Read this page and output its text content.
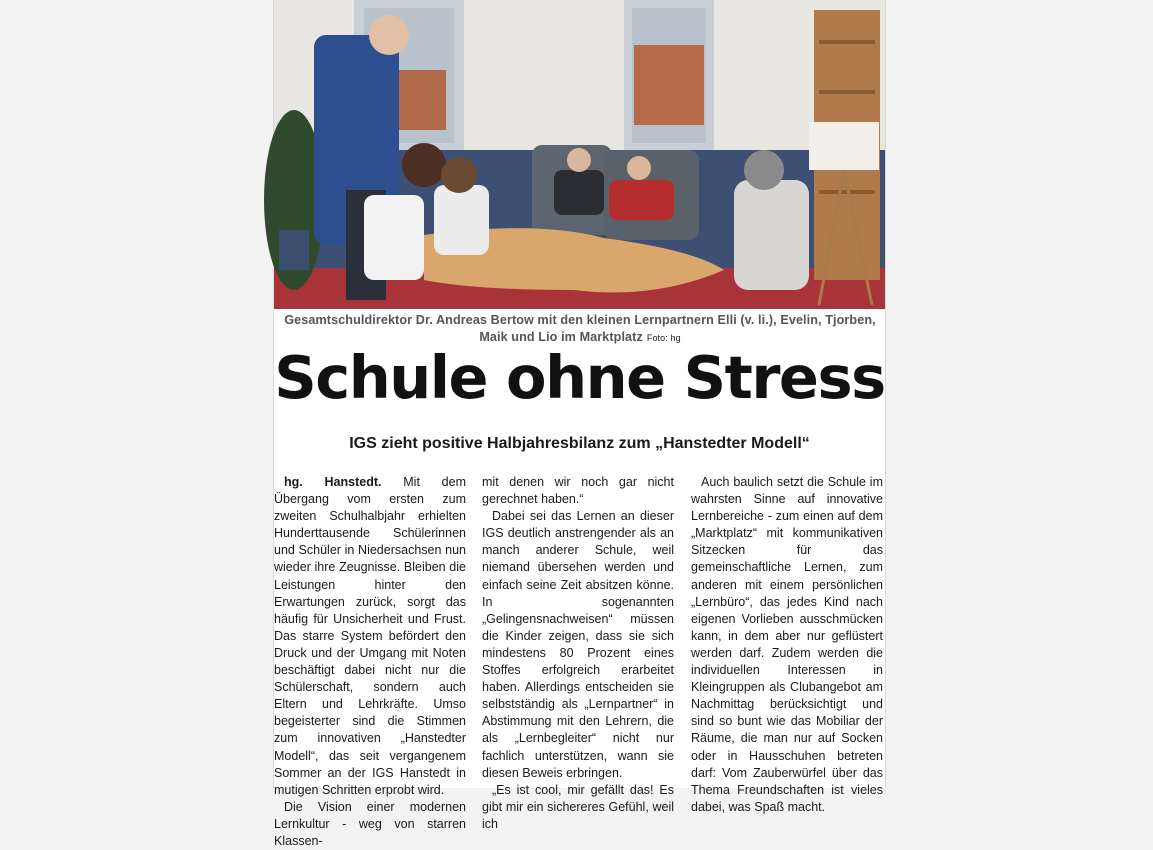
Gesamtschuldirektor Dr. Andreas Bertow mit den kleinen Lernpartnern Elli (v. li.), Evelin, Tjorben, Maik und Lio im Marktplatz Foto: hg
Schule ohne Stress
IGS zieht positive Halbjahresbilanz zum „Hanstedter Modell“

hg. Hanstedt. Mit dem Übergang vom ersten zum zweiten Schulhalbjahr erhielten Hunderttausende Schülerinnen und Schüler in Niedersachsen nun wieder ihre Zeugnisse. Bleiben die Leistungen hinter den Erwartungen zurück, sorgt das häufig für Unsicherheit und Frust. Das starre System befördert den Druck und der Umgang mit Noten beschäftigt dabei nicht nur die Schülerschaft, sondern auch Eltern und Lehrkräfte. Umso begeisterter sind die Stimmen zum innovativen „Hanstedter Modell“, das seit vergangenem Sommer an der IGS Hanstedt in mutigen Schritten erprobt wird.

Die Vision einer modernen Lernkultur - weg von starren Klassen-

mit denen wir noch gar nicht gerechnet haben.“

Dabei sei das Lernen an dieser IGS deutlich anstrengender als an manch anderer Schule, weil niemand übersehen werden und einfach seine Zeit absitzen könne. In sogenannten „Gelingensnachweisen“ müssen die Kinder zeigen, dass sie sich mindestens 80 Prozent eines Stoffes erfolgreich erarbeitet haben. Allerdings entscheiden sie selbstständig als „Lernpartner“ in Abstimmung mit den Lehrern, die als „Lernbegleiter“ nicht nur fachlich unterstützen, wann sie diesen Beweis erbringen.

„Es ist cool, mir gefällt das! Es gibt mir ein sichereres Gefühl, weil ich

Auch baulich setzt die Schule im wahrsten Sinne auf innovative Lernbereiche - zum einen auf dem „Marktplatz“ mit kommunikativen Sitzecken für das gemeinschaftliche Lernen, zum anderen mit einem persönlichen „Lernbüro“, das jedes Kind nach eigenen Vorlieben ausschmücken kann, in dem aber nur geflüstert werden darf. Zudem werden die individuellen Interessen in Kleingruppen als Clubangebot am Nachmittag berücksichtigt und sind so bunt wie das Mobiliar der Räume, die man nur auf Socken oder in Hausschuhen betreten darf: Vom Zauberwürfel über das Thema Freundschaften ist vieles dabei, was Spaß macht.
